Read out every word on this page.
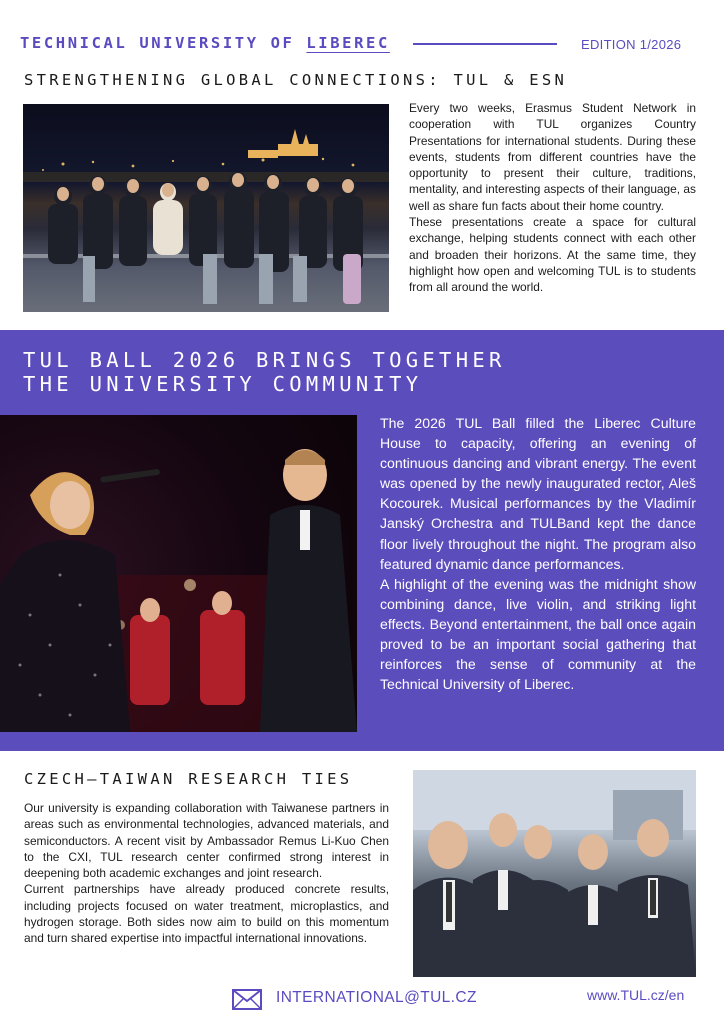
TECHNICAL UNIVERSITY OF LIBEREC	EDITION 1/2026
STRENGTHENING GLOBAL CONNECTIONS: TUL & ESN

Every two weeks, Erasmus Student Network in cooperation with TUL organizes Country Presentations for international students. During these events, students from different countries have the opportunity to present their culture, traditions, mentality, and interesting aspects of their language, as well as share fun facts about their home country.

These presentations create a space for cultural exchange, helping students connect with each other and broaden their horizons. At the same time, they highlight how open and welcoming TUL is to students from all around the world.

TUL BALL 2026 BRINGS TOGETHER
THE UNIVERSITY COMMUNITY

The 2026 TUL Ball filled the Liberec Culture House to capacity, offering an evening of continuous dancing and vibrant energy. The event was opened by the newly inaugurated rector, Aleš Kocourek. Musical performances by the Vladimír Janský Orchestra and TULBand kept the dance floor lively throughout the night. The program also featured dynamic dance performances.

A highlight of the evening was the midnight show combining dance, live violin, and striking light effects. Beyond entertainment, the ball once again proved to be an important social gathering that reinforces the sense of community at the Technical University of Liberec.

CZECH–TAIWAN RESEARCH TIES

Our university is expanding collaboration with Taiwanese partners in areas such as environmental technologies, advanced materials, and semiconductors. A recent visit by Ambassador Remus Li-Kuo Chen to the CXI, TUL research center confirmed strong interest in deepening both academic exchanges and joint research.

Current partnerships have already produced concrete results, including projects focused on water treatment, microplastics, and hydrogen storage. Both sides now aim to build on this momentum and turn shared expertise into impactful international innovations.

INTERNATIONAL@TUL.CZ	www.TUL.cz/en
